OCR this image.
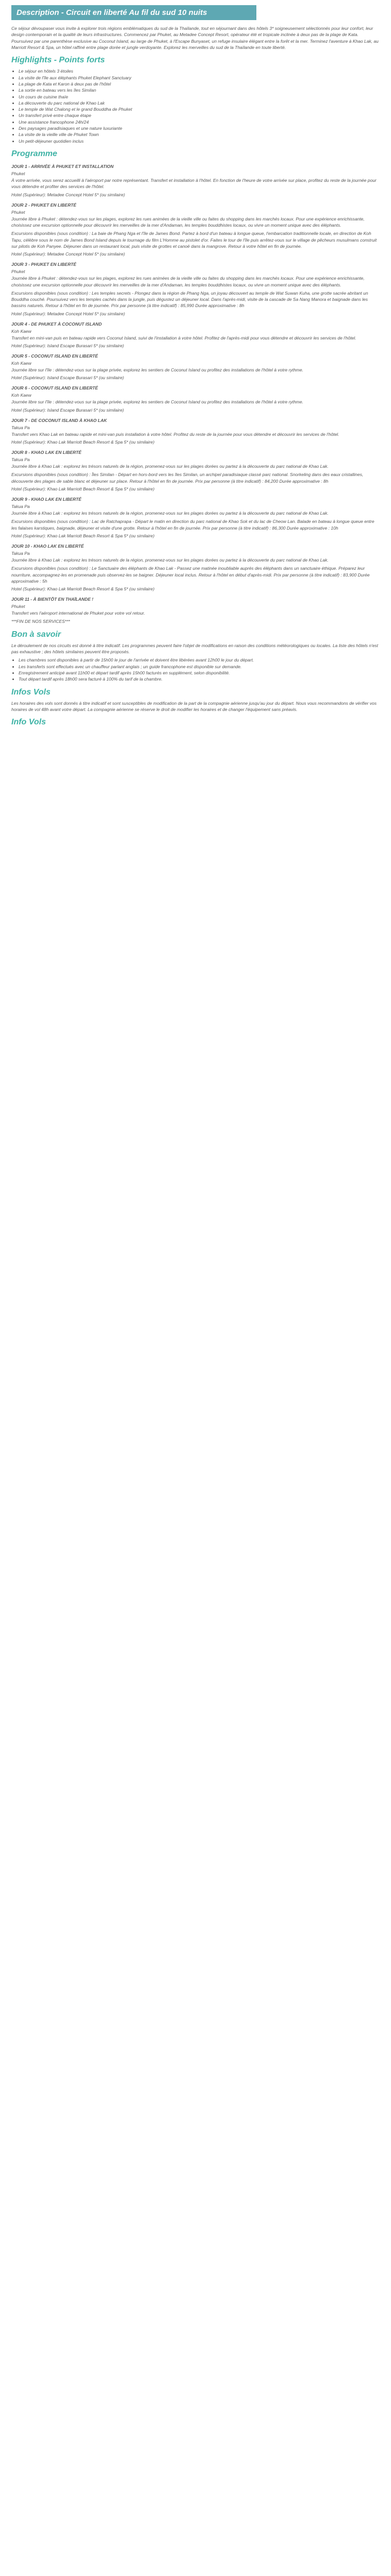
Description - Circuit en liberté Au fil du sud 10 nuits

Ce séjour dévoupaser vous invite à explorer trois régions emblématiques du sud de la Thaïlande, tout en séjournant dans des hôtels 3* soigneusement sélectionnés pour leur confort, leur design contemporain et la qualité de leurs infrastructures. Commencez par Phuket, au Metadee Concept Resort, opérateur été et tropicale inclinée à deux pas de la plage de Kata. Poursuivez par une parenthèse exclusive au Coconut Island, au large de Phuket, à l'Escape Bunyaset, un refuge insulaire élégant entre la forêt et la mer. Terminez l'aventure à Khao Lak, au Marriott Resort & Spa, un hôtel raffiné entre plage dorée et jungle verdoyante. Explorez les merveilles du sud de la Thaïlande en toute liberté.

Highlights - Points forts
• Le séjour en hôtels 3 étoiles
• La visite de l'île aux éléphants Phuket Elephant Sanctuary
• La plage de Kata et Karon à deux pas de l'hôtel
• La sortie en bateau vers les îles Similan
• Un cours de cuisine thaïe
• La découverte du parc national de Khao Lak
• Le temple de Wat Chalong et le grand Bouddha de Phuket
• Un transfert privé entre chaque étape
• Une assistance francophone 24h/24
• Des paysages paradisiaques et une nature luxuriante
• La visite de la vieille ville de Phuket Town
• Un petit-déjeuner quotidien inclus
Programme

JOUR 1 - ARRIVÉE À PHUKET ET INSTALLATION

Phuket

À votre arrivée, vous serez accueilli à l'aéroport par notre représentant. Transfert et installation à l'hôtel. En fonction de l'heure de votre arrivée sur place, profitez du reste de la journée pour vous détendre et profiter des services de l'hôtel.

Hotel (Supérieur): Metadee Concept Hotel 5* (ou similaire)

JOUR 2 - PHUKET EN LIBERTÉ

Phuket

Journée libre à Phuket : détendez-vous sur les plages, explorez les rues animées de la vieille ville ou faites du shopping dans les marchés locaux. Pour une expérience enrichissante, choisissez une excursion optionnelle pour découvrir les merveilles de la mer d'Andaman, les temples bouddhistes locaux, ou vivre un moment unique avec des éléphants.

Excursions disponibles (sous condition) : La baie de Phang Nga et l'île de James Bond. Partez à bord d'un bateau à longue queue, l'embarcation traditionnelle locale, en direction de Koh Tapu, célèbre sous le nom de James Bond Island depuis le tournage du film L'Homme au pistolet d'or. Faites le tour de l'île puis arrêtez-vous sur le village de pêcheurs musulmans construit sur pilotis de Koh Panyee. Déjeuner dans un restaurant local, puis visite de grottes et canoë dans la mangrove. Retour à votre hôtel en fin de journée.

Hotel (Supérieur): Metadee Concept Hotel 5* (ou similaire)

JOUR 3 - PHUKET EN LIBERTÉ

Phuket

Journée libre à Phuket : détendez-vous sur les plages, explorez les rues animées de la vieille ville ou faites du shopping dans les marchés locaux. Pour une expérience enrichissante, choisissez une excursion optionnelle pour découvrir les merveilles de la mer d'Andaman, les temples bouddhistes locaux, ou vivre un moment unique avec des éléphants.

Excursions disponibles (sous condition) : Les temples secrets - Plongez dans la région de Phang Nga, un joyau découvert au temple de Wat Suwan Kuha, une grotte sacrée abritant un Bouddha couché. Poursuivez vers les temples cachés dans la jungle, puis dégustez un déjeuner local. Dans l'après-midi, visite de la cascade de Sa Nang Manora et baignade dans les bassins naturels. Retour à l'hôtel en fin de journée. Prix par personne (à titre indicatif) : 85,990 Durée approximative : 8h

Hotel (Supérieur): Metadee Concept Hotel 5* (ou similaire)

JOUR 4 - DE PHUKET À COCONUT ISLAND

Koh Kaew

Transfert en mini-van puis en bateau rapide vers Coconut Island, suivi de l'installation à votre hôtel. Profitez de l'après-midi pour vous détendre et découvrir les services de l'hôtel.

Hotel (Supérieur): Island Escape Burasari 5* (ou similaire)

JOUR 5 - COCONUT ISLAND EN LIBERTÉ

Koh Kaew

Journée libre sur l'île : détendez-vous sur la plage privée, explorez les sentiers de Coconut Island ou profitez des installations de l'hôtel à votre rythme.

Hotel (Supérieur): Island Escape Burasari 5* (ou similaire)

JOUR 6 - COCONUT ISLAND EN LIBERTÉ

Koh Kaew

Journée libre sur l'île : détendez-vous sur la plage privée, explorez les sentiers de Coconut Island ou profitez des installations de l'hôtel à votre rythme.

Hotel (Supérieur): Island Escape Burasari 5* (ou similaire)

JOUR 7 - DE COCONUT ISLAND À KHAO LAK

Takua Pa

Transfert vers Khao Lak en bateau rapide et mini-van puis installation à votre hôtel. Profitez du reste de la journée pour vous détendre et découvrir les services de l'hôtel.

Hotel (Supérieur): Khao Lak Marriott Beach Resort & Spa 5* (ou similaire)

JOUR 8 - KHAO LAK EN LIBERTÉ

Takua Pa

Journée libre à Khao Lak : explorez les trésors naturels de la région, promenez-vous sur les plages dorées ou partez à la découverte du parc national de Khao Lak.

Excursions disponibles (sous condition) : Îles Similan - Départ en hors-bord vers les îles Similan, un archipel paradisiaque classé parc national. Snorkeling dans des eaux cristallines, découverte des plages de sable blanc et déjeuner sur place. Retour à l'hôtel en fin de journée. Prix par personne (à titre indicatif) : 84,200 Durée approximative : 8h

Hotel (Supérieur): Khao Lak Marriott Beach Resort & Spa 5* (ou similaire)

JOUR 9 - KHAO LAK EN LIBERTÉ

Takua Pa

Journée libre à Khao Lak : explorez les trésors naturels de la région, promenez-vous sur les plages dorées ou partez à la découverte du parc national de Khao Lak.

Excursions disponibles (sous condition) : Lac de Ratchaprapa - Départ le matin en direction du parc national de Khao Sok et du lac de Cheow Lan. Balade en bateau à longue queue entre les falaises karstiques, baignade, déjeuner et visite d'une grotte. Retour à l'hôtel en fin de journée. Prix par personne (à titre indicatif) : 86,300 Durée approximative : 10h

Hotel (Supérieur): Khao Lak Marriott Beach Resort & Spa 5* (ou similaire)

JOUR 10 - KHAO LAK EN LIBERTÉ

Takua Pa

Journée libre à Khao Lak : explorez les trésors naturels de la région, promenez-vous sur les plages dorées ou partez à la découverte du parc national de Khao Lak.

Excursions disponibles (sous condition) : Le Sanctuaire des éléphants de Khao Lak - Passez une matinée inoubliable auprès des éléphants dans un sanctuaire éthique. Préparez leur nourriture, accompagnez-les en promenade puis observez-les se baigner. Déjeuner local inclus. Retour à l'hôtel en début d'après-midi. Prix par personne (à titre indicatif) : 83,900 Durée approximative : 5h

Hotel (Supérieur): Khao Lak Marriott Beach Resort & Spa 5* (ou similaire)

JOUR 11 - À BIENTÔT EN THAÏLANDE !

Phuket

Transfert vers l'aéroport international de Phuket pour votre vol retour.

***FIN DE NOS SERVICES***

Bon à savoir

Le déroulement de nos circuits est donné à titre indicatif. Les programmes peuvent faire l'objet de modifications en raison des conditions météorologiques ou locales. La liste des hôtels n'est pas exhaustive ; des hôtels similaires peuvent être proposés.

• Les chambres sont disponibles à partir de 15h00 le jour de l'arrivée et doivent être libérées avant 12h00 le jour du départ.
• Les transferts sont effectués avec un chauffeur parlant anglais ; un guide francophone est disponible sur demande.
• Enregistrement anticipé avant 11h00 et départ tardif après 15h00 facturés en supplément, selon disponibilité.
• Tout départ tardif après 18h00 sera facturé à 100% du tarif de la chambre.
Infos Vols

Les horaires des vols sont donnés à titre indicatif et sont susceptibles de modification de la part de la compagnie aérienne jusqu'au jour du départ. Nous vous recommandons de vérifier vos horaires de vol 48h avant votre départ. La compagnie aérienne se réserve le droit de modifier les horaires et de changer l'équipement sans préavis.

Info Vols
